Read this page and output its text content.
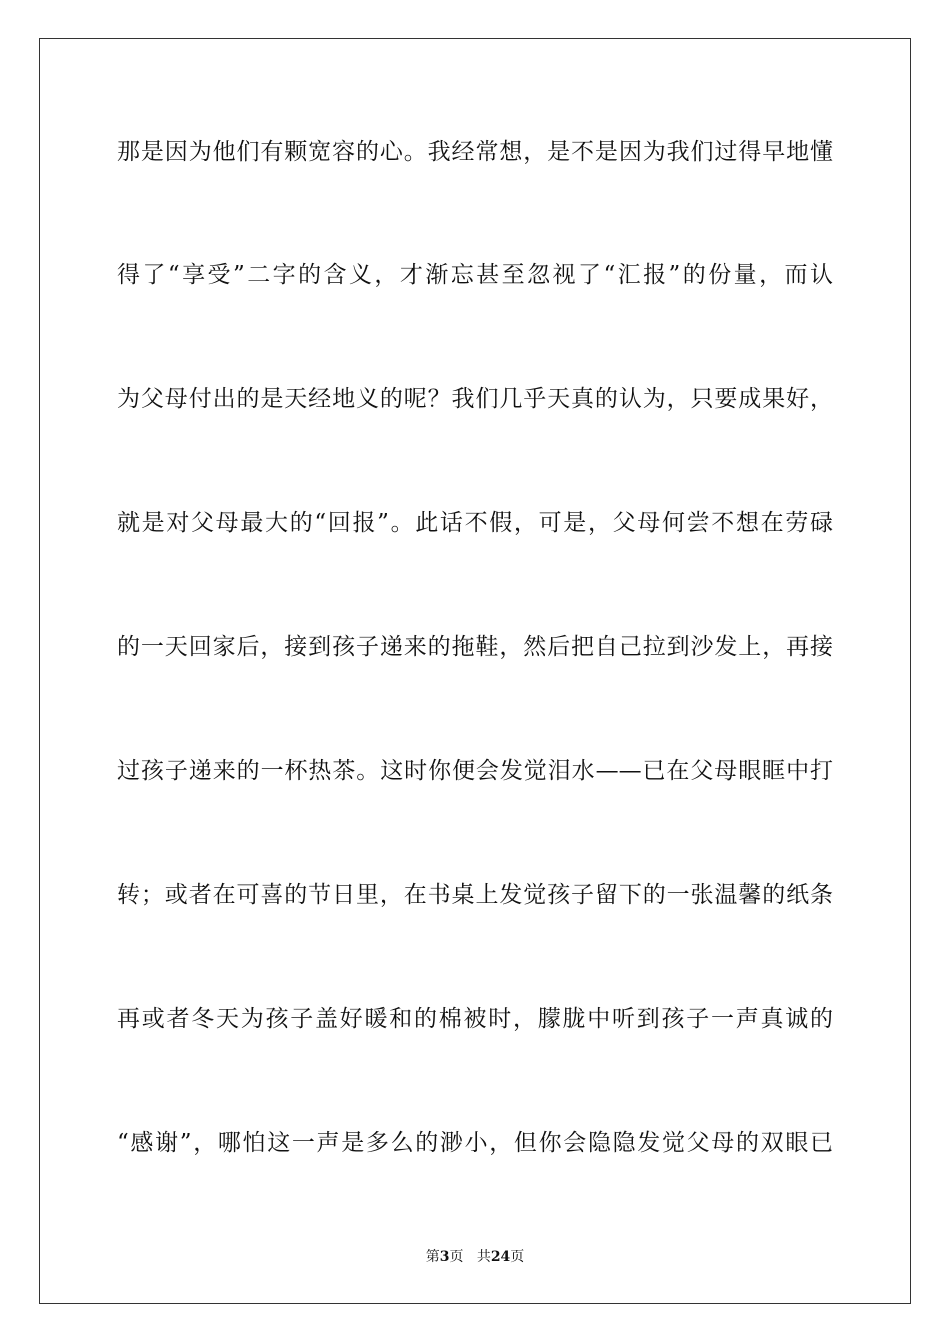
那是因为他们有颗宽容的心。我经常想，是不是因为我们过得早地懂
得了“享受”二字的含义，才渐忘甚至忽视了“汇报”的份量，而认
为父母付出的是天经地义的呢？我们几乎天真的认为，只要成果好，
就是对父母最大的“回报”。此话不假，可是，父母何尝不想在劳碌
的一天回家后，接到孩子递来的拖鞋，然后把自己拉到沙发上，再接
过孩子递来的一杯热茶。这时你便会发觉泪水——已在父母眼眶中打
转；或者在可喜的节日里，在书桌上发觉孩子留下的一张温馨的纸条
再或者冬天为孩子盖好暖和的棉被时，朦胧中听到孩子一声真诚的
“感谢”，哪怕这一声是多么的渺小，但你会隐隐发觉父母的双眼已
第3页 共24页
